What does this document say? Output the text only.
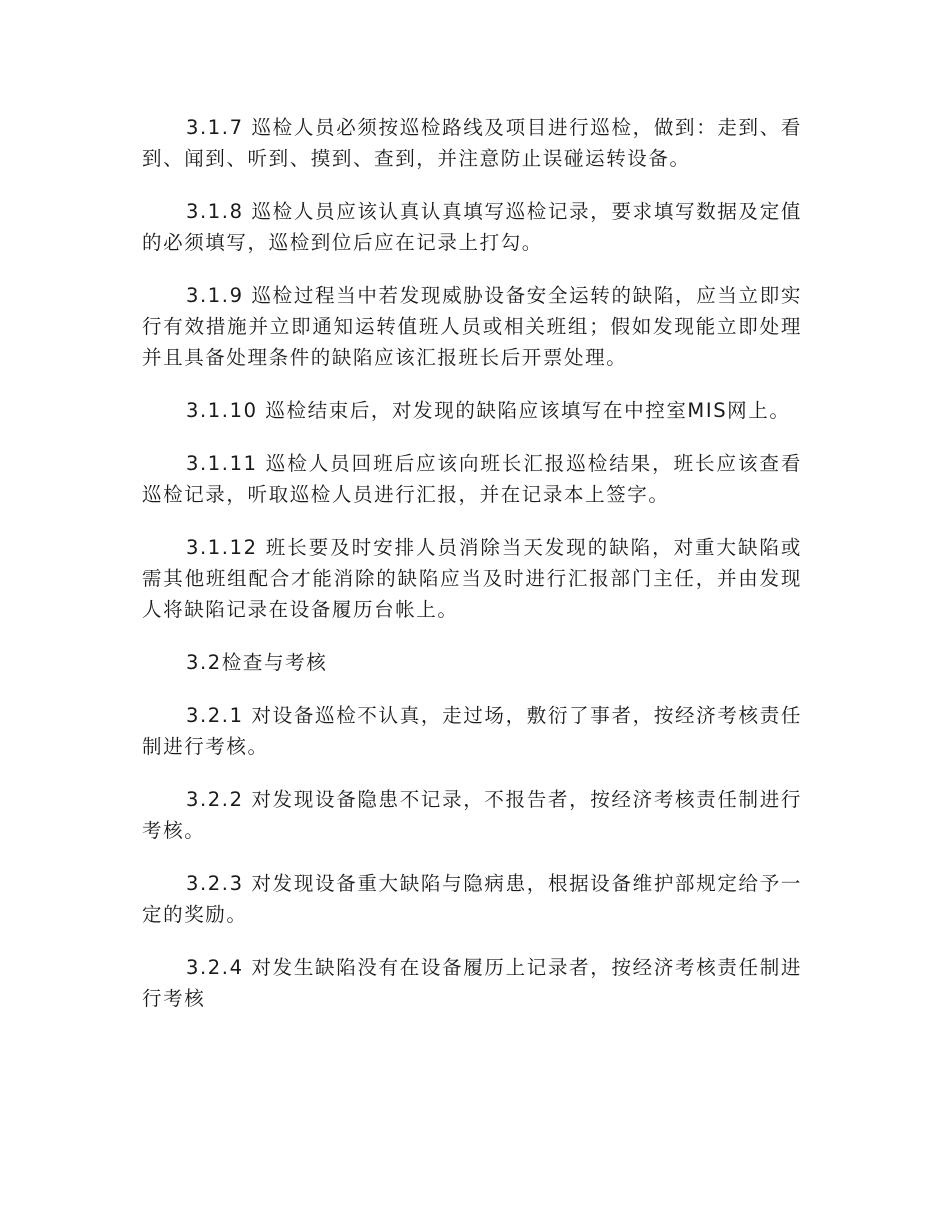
3.1.7 巡检人员必须按巡检路线及项目进行巡检，做到：走到、看到、闻到、听到、摸到、查到，并注意防止误碰运转设备。

3.1.8 巡检人员应该认真认真填写巡检记录，要求填写数据及定值的必须填写，巡检到位后应在记录上打勾。

3.1.9 巡检过程当中若发现威胁设备安全运转的缺陷，应当立即实行有效措施并立即通知运转值班人员或相关班组；假如发现能立即处理并且具备处理条件的缺陷应该汇报班长后开票处理。

3.1.10 巡检结束后，对发现的缺陷应该填写在中控室MIS网上。

3.1.11 巡检人员回班后应该向班长汇报巡检结果，班长应该查看巡检记录，听取巡检人员进行汇报，并在记录本上签字。

3.1.12 班长要及时安排人员消除当天发现的缺陷，对重大缺陷或需其他班组配合才能消除的缺陷应当及时进行汇报部门主任，并由发现人将缺陷记录在设备履历台帐上。

3.2检查与考核

3.2.1 对设备巡检不认真，走过场，敷衍了事者，按经济考核责任制进行考核。

3.2.2 对发现设备隐患不记录，不报告者，按经济考核责任制进行考核。

3.2.3 对发现设备重大缺陷与隐病患，根据设备维护部规定给予一定的奖励。

3.2.4 对发生缺陷没有在设备履历上记录者，按经济考核责任制进行考核
